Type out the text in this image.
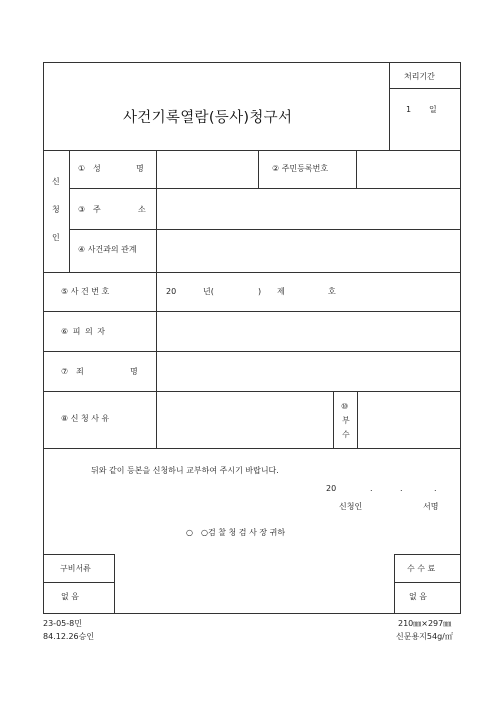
사건기록열람(등사)청구서
처리기간
1 일
신
청
인
① 성	명	② 주민등록번호
③ 주	소
④ 사건과의 관계
⑤ 사 건 번 호	20	년(	) 제	호
⑥ 피 의 자
⑦ 죄	명
⑧ 신 청 사 유
⑩
부
수
뒤와 같이 등본을 신청하니 교부하여 주시기 바랍니다.
20	.	.	.
신청인	서명
○ ○검 찰 청 검 사 장 귀하
구비서류
없 음
수 수 료
없 음
23-05-8민
84.12.26승인
210㎜×297㎜
신문용지54g/㎡
